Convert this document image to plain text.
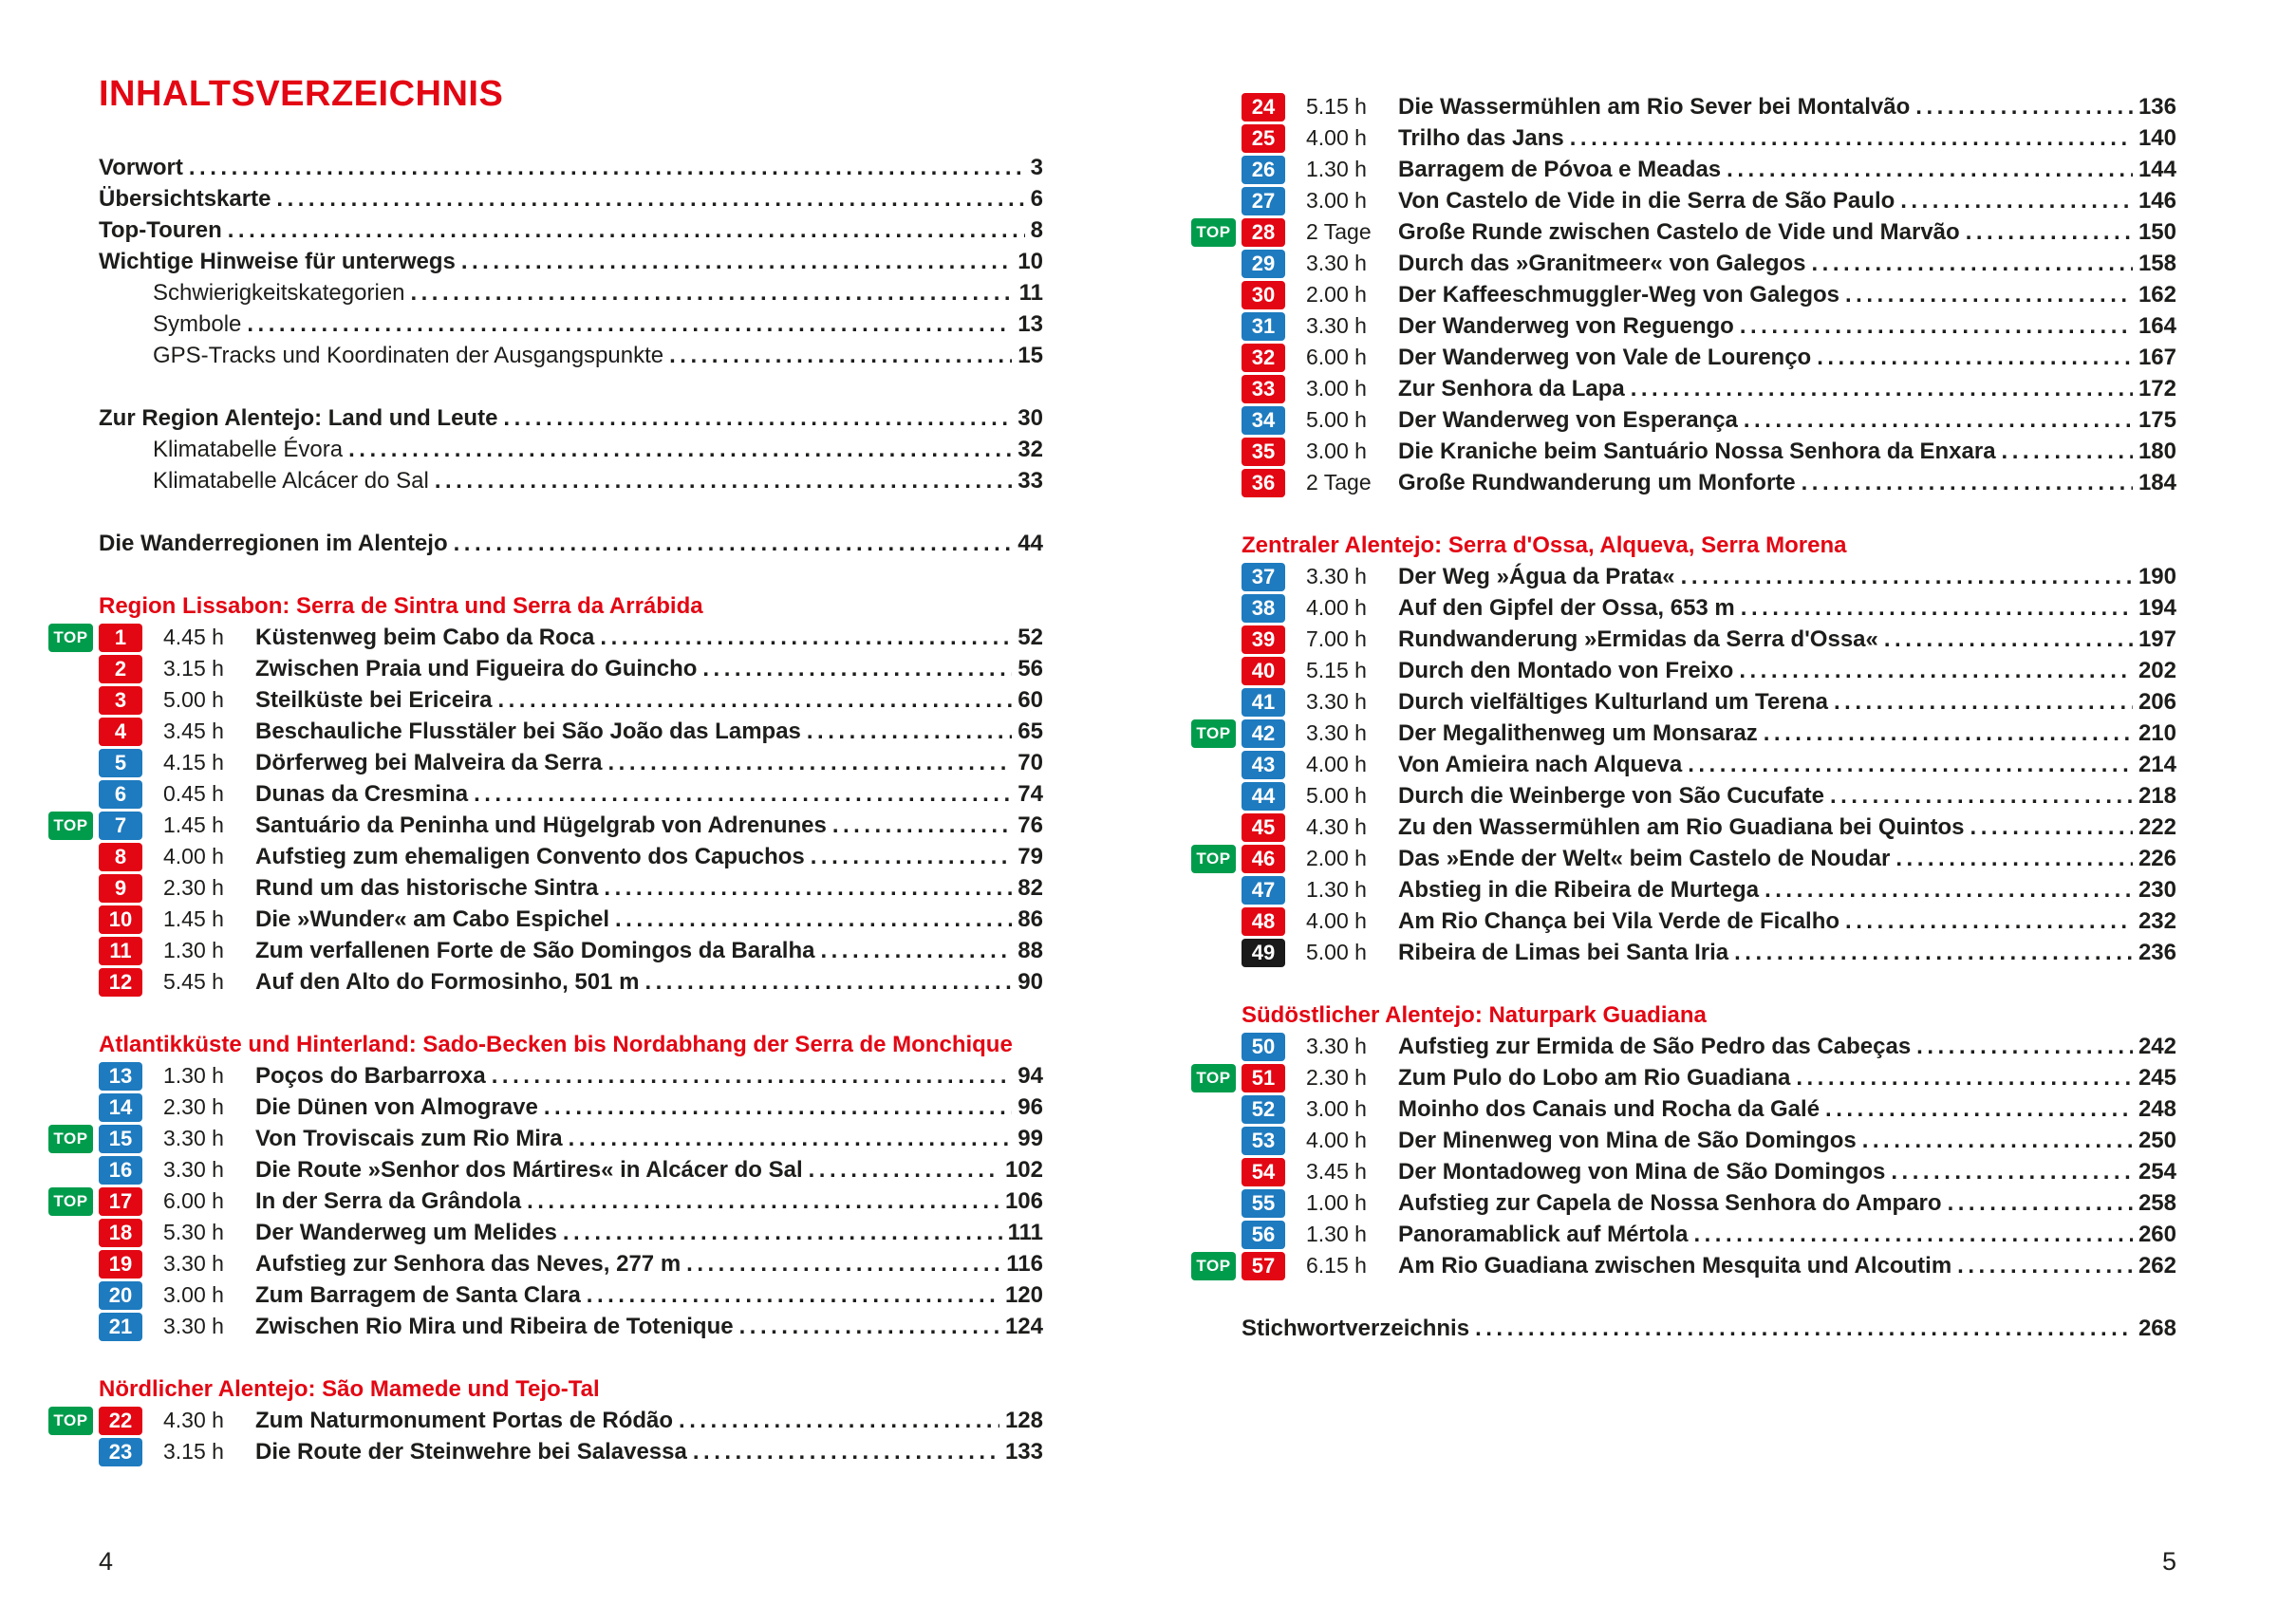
INHALTSVERZEICHNIS
Vorwort .....	3
Übersichtskarte .....	6
Top-Touren .....	8
Wichtige Hinweise für unterwegs .....	10
Schwierigkeitskategorien .....	11
Symbole .....	13
GPS-Tracks und Koordinaten der Ausgangspunkte .....	15
Zur Region Alentejo: Land und Leute .....	30
Klimatabelle Évora .....	32
Klimatabelle Alcácer do Sal .....	33
Die Wanderregionen im Alentejo .....	44
Region Lissabon: Serra de Sintra und Serra da Arrábida
TOP	1	4.45 h	Küstenweg beim Cabo da Roca .....	52
2	3.15 h	Zwischen Praia und Figueira do Guincho .....	56
3	5.00 h	Steilküste bei Ericeira .....	60
4	3.45 h	Beschauliche Flusstäler bei São João das Lampas .....	65
5	4.15 h	Dörferweg bei Malveira da Serra .....	70
6	0.45 h	Dunas da Cresmina .....	74
TOP	7	1.45 h	Santuário da Peninha und Hügelgrab von Adrenunes .....	76
8	4.00 h	Aufstieg zum ehemaligen Convento dos Capuchos .....	79
9	2.30 h	Rund um das historische Sintra .....	82
10	1.45 h	Die »Wunder« am Cabo Espichel .....	86
11	1.30 h	Zum verfallenen Forte de São Domingos da Baralha .....	88
12	5.45 h	Auf den Alto do Formosinho, 501 m .....	90
Atlantikküste und Hinterland: Sado-Becken bis Nordabhang der Serra de Monchique
13	1.30 h	Poços do Barbarroxa .....	94
14	2.30 h	Die Dünen von Almograve .....	96
TOP	15	3.30 h	Von Troviscais zum Rio Mira .....	99
16	3.30 h	Die Route »Senhor dos Mártires« in Alcácer do Sal .....	102
TOP	17	6.00 h	In der Serra da Grândola .....	106
18	5.30 h	Der Wanderweg um Melides .....	111
19	3.30 h	Aufstieg zur Senhora das Neves, 277 m .....	116
20	3.00 h	Zum Barragem de Santa Clara .....	120
21	3.30 h	Zwischen Rio Mira und Ribeira de Totenique .....	124
Nördlicher Alentejo: São Mamede und Tejo-Tal
TOP	22	4.30 h	Zum Naturmonument Portas de Ródão .....	128
23	3.15 h	Die Route der Steinwehre bei Salavessa .....	133
24	5.15 h	Die Wassermühlen am Rio Sever bei Montalvão .....	136
25	4.00 h	Trilho das Jans .....	140
26	1.30 h	Barragem de Póvoa e Meadas .....	144
27	3.00 h	Von Castelo de Vide in die Serra de São Paulo .....	146
TOP	28	2 Tage	Große Runde zwischen Castelo de Vide und Marvão .....	150
29	3.30 h	Durch das »Granitmeer« von Galegos .....	158
30	2.00 h	Der Kaffeeschmuggler-Weg von Galegos .....	162
31	3.30 h	Der Wanderweg von Reguengo .....	164
32	6.00 h	Der Wanderweg von Vale de Lourenço .....	167
33	3.00 h	Zur Senhora da Lapa .....	172
34	5.00 h	Der Wanderweg von Esperança .....	175
35	3.00 h	Die Kraniche beim Santuário Nossa Senhora da Enxara .....	180
36	2 Tage	Große Rundwanderung um Monforte .....	184
Zentraler Alentejo: Serra d'Ossa, Alqueva, Serra Morena
37	3.30 h	Der Weg »Água da Prata« .....	190
38	4.00 h	Auf den Gipfel der Ossa, 653 m .....	194
39	7.00 h	Rundwanderung »Ermidas da Serra d'Ossa« .....	197
40	5.15 h	Durch den Montado von Freixo .....	202
41	3.30 h	Durch vielfältiges Kulturland um Terena .....	206
TOP	42	3.30 h	Der Megalithenweg um Monsaraz .....	210
43	4.00 h	Von Amieira nach Alqueva .....	214
44	5.00 h	Durch die Weinberge von São Cucufate .....	218
45	4.30 h	Zu den Wassermühlen am Rio Guadiana bei Quintos .....	222
TOP	46	2.00 h	Das »Ende der Welt« beim Castelo de Noudar .....	226
47	1.30 h	Abstieg in die Ribeira de Murtega .....	230
48	4.00 h	Am Rio Chança bei Vila Verde de Ficalho .....	232
49	5.00 h	Ribeira de Limas bei Santa Iria .....	236
Südöstlicher Alentejo: Naturpark Guadiana
50	3.30 h	Aufstieg zur Ermida de São Pedro das Cabeças .....	242
TOP	51	2.30 h	Zum Pulo do Lobo am Rio Guadiana .....	245
52	3.00 h	Moinho dos Canais und Rocha da Galé .....	248
53	4.00 h	Der Minenweg von Mina de São Domingos .....	250
54	3.45 h	Der Montadoweg von Mina de São Domingos .....	254
55	1.00 h	Aufstieg zur Capela de Nossa Senhora do Amparo .....	258
56	1.30 h	Panoramablick auf Mértola .....	260
TOP	57	6.15 h	Am Rio Guadiana zwischen Mesquita und Alcoutim .....	262
Stichwortverzeichnis .....	268
4	5
